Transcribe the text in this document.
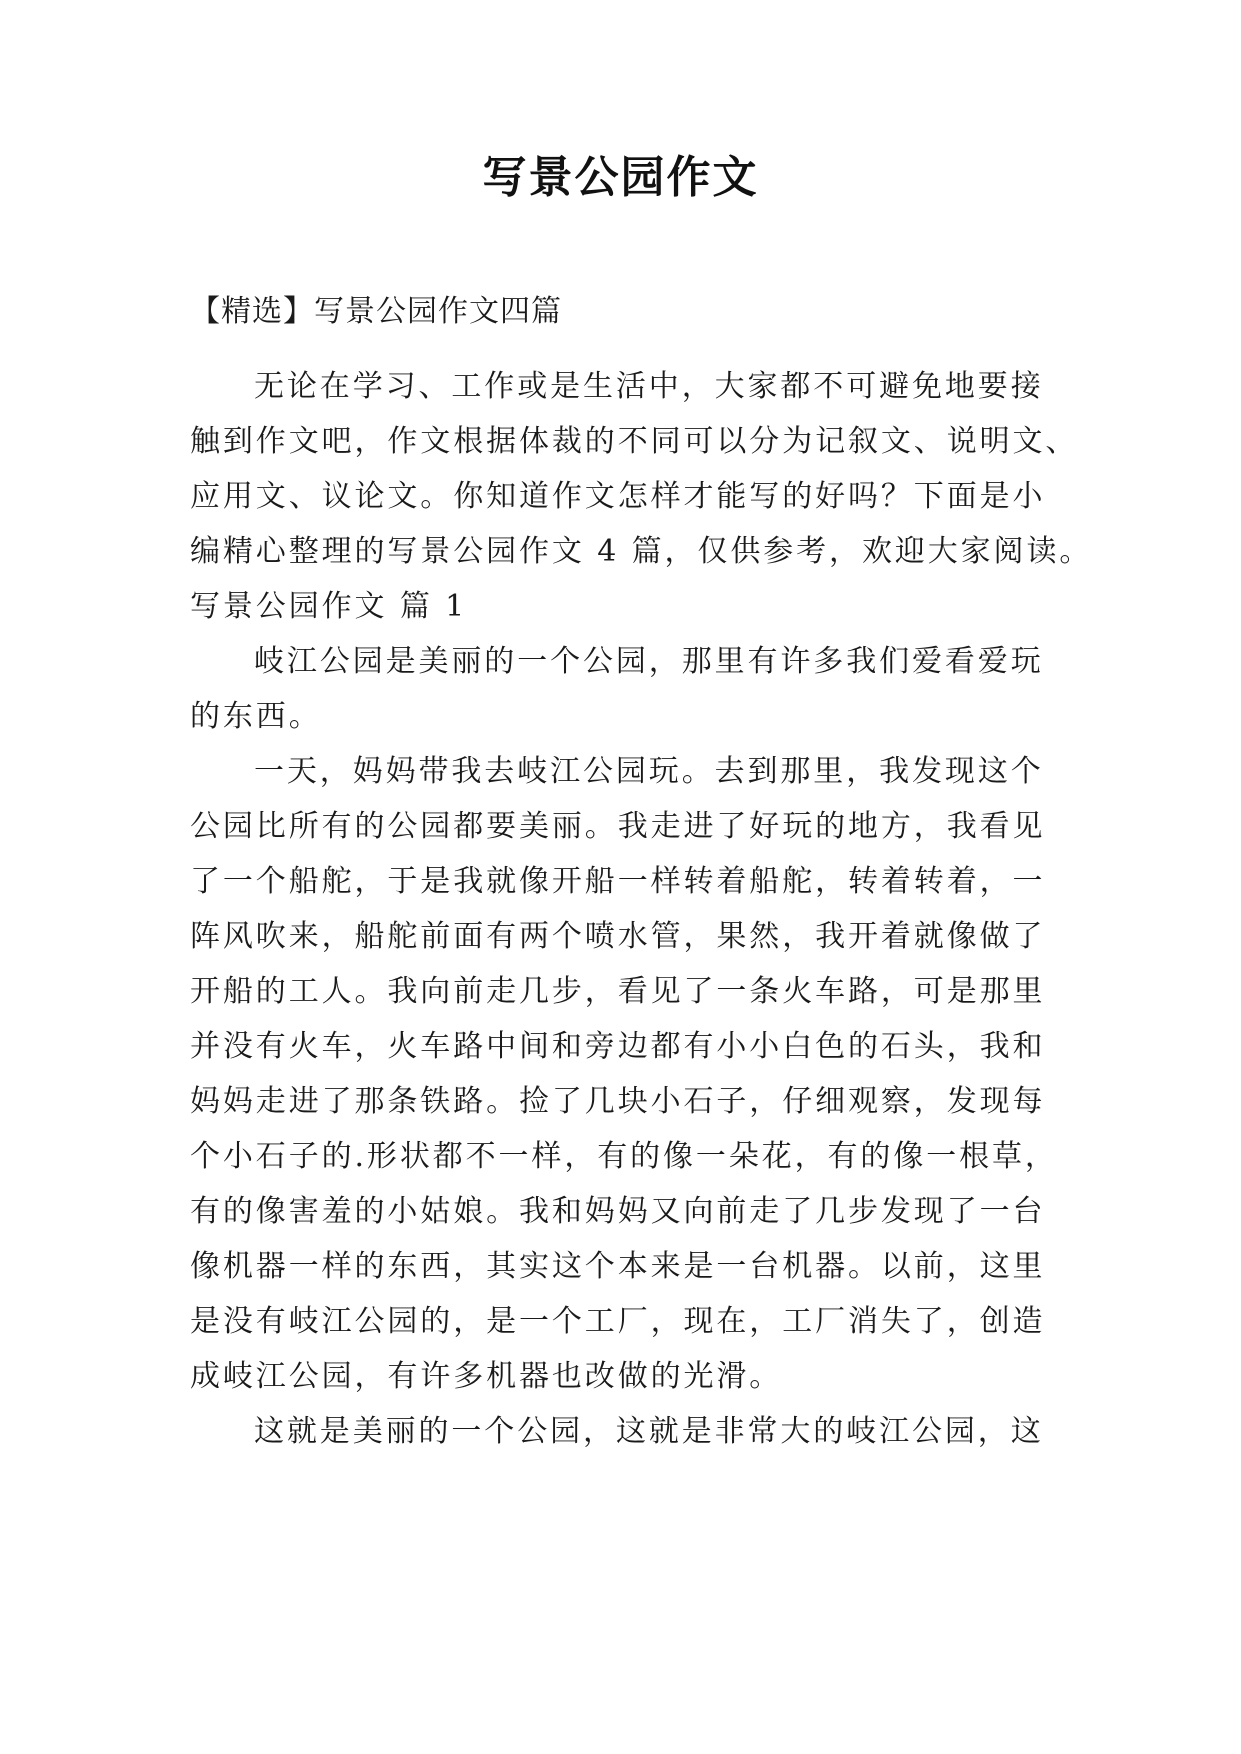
写景公园作文
【精选】写景公园作文四篇
无论在学习、工作或是生活中，大家都不可避免地要接
触到作文吧，作文根据体裁的不同可以分为记叙文、说明文、
应用文、议论文。你知道作文怎样才能写的好吗？下面是小
编精心整理的写景公园作文 4 篇，仅供参考，欢迎大家阅读。
写景公园作文 篇 1
岐江公园是美丽的一个公园，那里有许多我们爱看爱玩
的东西。
一天，妈妈带我去岐江公园玩。去到那里，我发现这个
公园比所有的公园都要美丽。我走进了好玩的地方，我看见
了一个船舵，于是我就像开船一样转着船舵，转着转着，一
阵风吹来，船舵前面有两个喷水管，果然，我开着就像做了
开船的工人。我向前走几步，看见了一条火车路，可是那里
并没有火车，火车路中间和旁边都有小小白色的石头，我和
妈妈走进了那条铁路。捡了几块小石子，仔细观察，发现每
个小石子的.形状都不一样，有的像一朵花，有的像一根草，
有的像害羞的小姑娘。我和妈妈又向前走了几步发现了一台
像机器一样的东西，其实这个本来是一台机器。以前，这里
是没有岐江公园的，是一个工厂，现在，工厂消失了，创造
成岐江公园，有许多机器也改做的光滑。
这就是美丽的一个公园，这就是非常大的岐江公园，这
